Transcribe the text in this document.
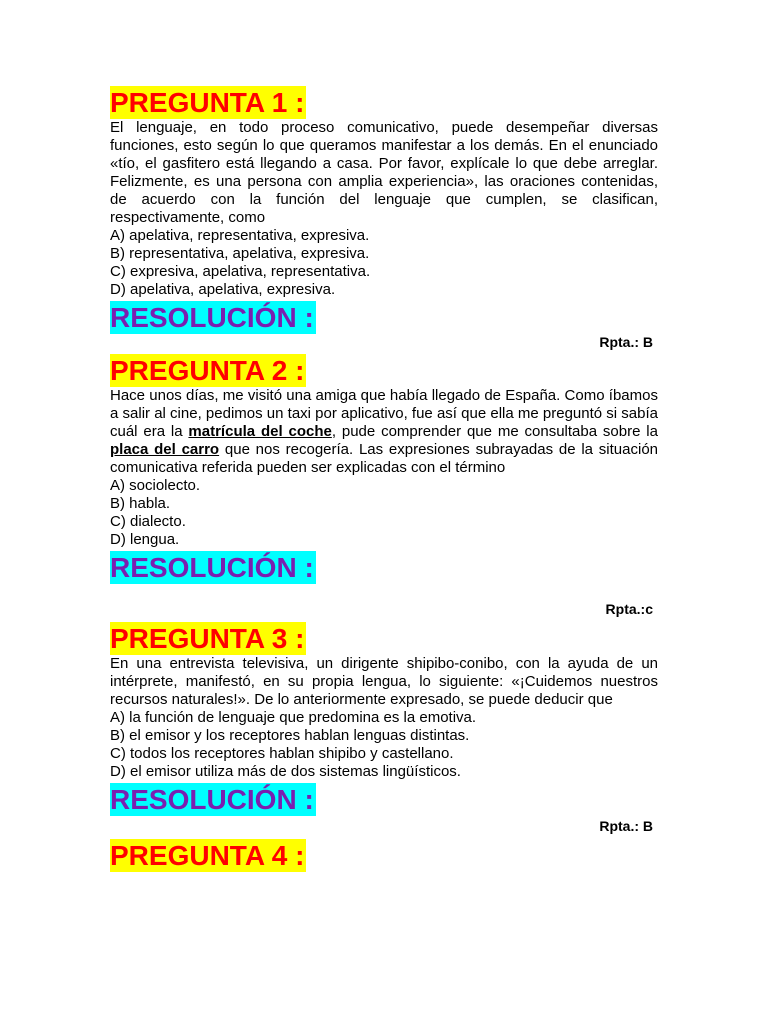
PREGUNTA 1 :

El lenguaje, en todo proceso comunicativo, puede desempeñar diversas funciones, esto según lo que queramos manifestar a los demás. En el enunciado «tío, el gasfitero está llegando a casa. Por favor, explícale lo que debe arreglar. Felizmente, es una persona con amplia experiencia», las oraciones contenidas, de acuerdo con la función del lenguaje que cumplen, se clasifican, respectivamente, como

A) apelativa, representativa, expresiva.

B) representativa, apelativa, expresiva.

C) expresiva, apelativa, representativa.

D) apelativa, apelativa, expresiva.

RESOLUCIÓN :
Rpta.: B
PREGUNTA 2 :

Hace unos días, me visitó una amiga que había llegado de España. Como íbamos a salir al cine, pedimos un taxi por aplicativo, fue así que ella me preguntó si sabía cuál era la matrícula del coche, pude comprender que me consultaba sobre la placa del carro que nos recogería. Las expresiones subrayadas de la situación comunicativa referida pueden ser explicadas con el término

A) sociolecto.

B) habla.

C) dialecto.

D) lengua.

RESOLUCIÓN :
Rpta.:c
PREGUNTA 3 :

En una entrevista televisiva, un dirigente shipibo-conibo, con la ayuda de un intérprete, manifestó, en su propia lengua, lo siguiente: «¡Cuidemos nuestros recursos naturales!». De lo anteriormente expresado, se puede deducir que

A) la función de lenguaje que predomina es la emotiva.

B) el emisor y los receptores hablan lenguas distintas.

C) todos los receptores hablan shipibo y castellano.

D) el emisor utiliza más de dos sistemas lingüísticos.

RESOLUCIÓN :
Rpta.: B
PREGUNTA 4 :
